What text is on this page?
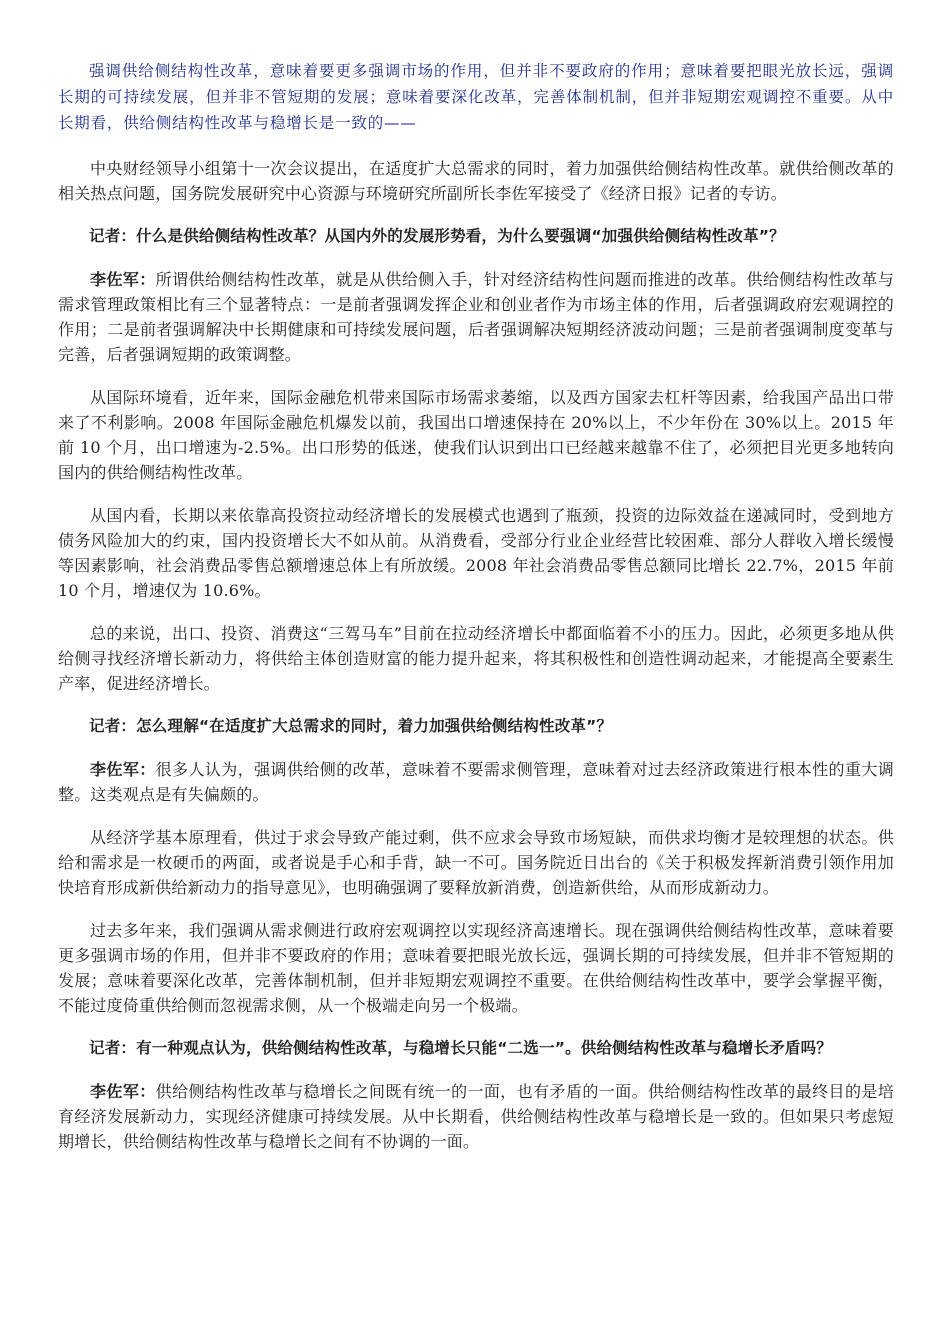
强调供给侧结构性改革，意味着要更多强调市场的作用，但并非不要政府的作用；意味着要把眼光放长远，强调长期的可持续发展，但并非不管短期的发展；意味着要深化改革，完善体制机制，但并非短期宏观调控不重要。从中长期看，供给侧结构性改革与稳增长是一致的——

中央财经领导小组第十一次会议提出，在适度扩大总需求的同时，着力加强供给侧结构性改革。就供给侧改革的相关热点问题，国务院发展研究中心资源与环境研究所副所长李佐军接受了《经济日报》记者的专访。

记者：什么是供给侧结构性改革？从国内外的发展形势看，为什么要强调“加强供给侧结构性改革”？

李佐军：所谓供给侧结构性改革，就是从供给侧入手，针对经济结构性问题而推进的改革。供给侧结构性改革与需求管理政策相比有三个显著特点：一是前者强调发挥企业和创业者作为市场主体的作用，后者强调政府宏观调控的作用；二是前者强调解决中长期健康和可持续发展问题，后者强调解决短期经济波动问题；三是前者强调制度变革与完善，后者强调短期的政策调整。

从国际环境看，近年来，国际金融危机带来国际市场需求萎缩，以及西方国家去杠杆等因素，给我国产品出口带来了不利影响。2008 年国际金融危机爆发以前，我国出口增速保持在 20%以上，不少年份在 30%以上。2015 年前 10 个月，出口增速为-2.5%。出口形势的低迷，使我们认识到出口已经越来越靠不住了，必须把目光更多地转向国内的供给侧结构性改革。

从国内看，长期以来依靠高投资拉动经济增长的发展模式也遇到了瓶颈，投资的边际效益在递减同时，受到地方债务风险加大的约束，国内投资增长大不如从前。从消费看，受部分行业企业经营比较困难、部分人群收入增长缓慢等因素影响，社会消费品零售总额增速总体上有所放缓。2008 年社会消费品零售总额同比增长 22.7%，2015 年前 10 个月，增速仅为 10.6%。

总的来说，出口、投资、消费这“三驾马车”目前在拉动经济增长中都面临着不小的压力。因此，必须更多地从供给侧寻找经济增长新动力，将供给主体创造财富的能力提升起来，将其积极性和创造性调动起来，才能提高全要素生产率，促进经济增长。

记者：怎么理解“在适度扩大总需求的同时，着力加强供给侧结构性改革”？

李佐军：很多人认为，强调供给侧的改革，意味着不要需求侧管理，意味着对过去经济政策进行根本性的重大调整。这类观点是有失偏颇的。

从经济学基本原理看，供过于求会导致产能过剩，供不应求会导致市场短缺，而供求均衡才是较理想的状态。供给和需求是一枚硬币的两面，或者说是手心和手背，缺一不可。国务院近日出台的《关于积极发挥新消费引领作用加快培育形成新供给新动力的指导意见》，也明确强调了要释放新消费，创造新供给，从而形成新动力。

过去多年来，我们强调从需求侧进行政府宏观调控以实现经济高速增长。现在强调供给侧结构性改革，意味着要更多强调市场的作用，但并非不要政府的作用；意味着要把眼光放长远，强调长期的可持续发展，但并非不管短期的发展；意味着要深化改革，完善体制机制，但并非短期宏观调控不重要。在供给侧结构性改革中，要学会掌握平衡，不能过度倚重供给侧而忽视需求侧，从一个极端走向另一个极端。

记者：有一种观点认为，供给侧结构性改革，与稳增长只能“二选一”。供给侧结构性改革与稳增长矛盾吗？

李佐军：供给侧结构性改革与稳增长之间既有统一的一面，也有矛盾的一面。供给侧结构性改革的最终目的是培育经济发展新动力，实现经济健康可持续发展。从中长期看，供给侧结构性改革与稳增长是一致的。但如果只考虑短期增长，供给侧结构性改革与稳增长之间有不协调的一面。
